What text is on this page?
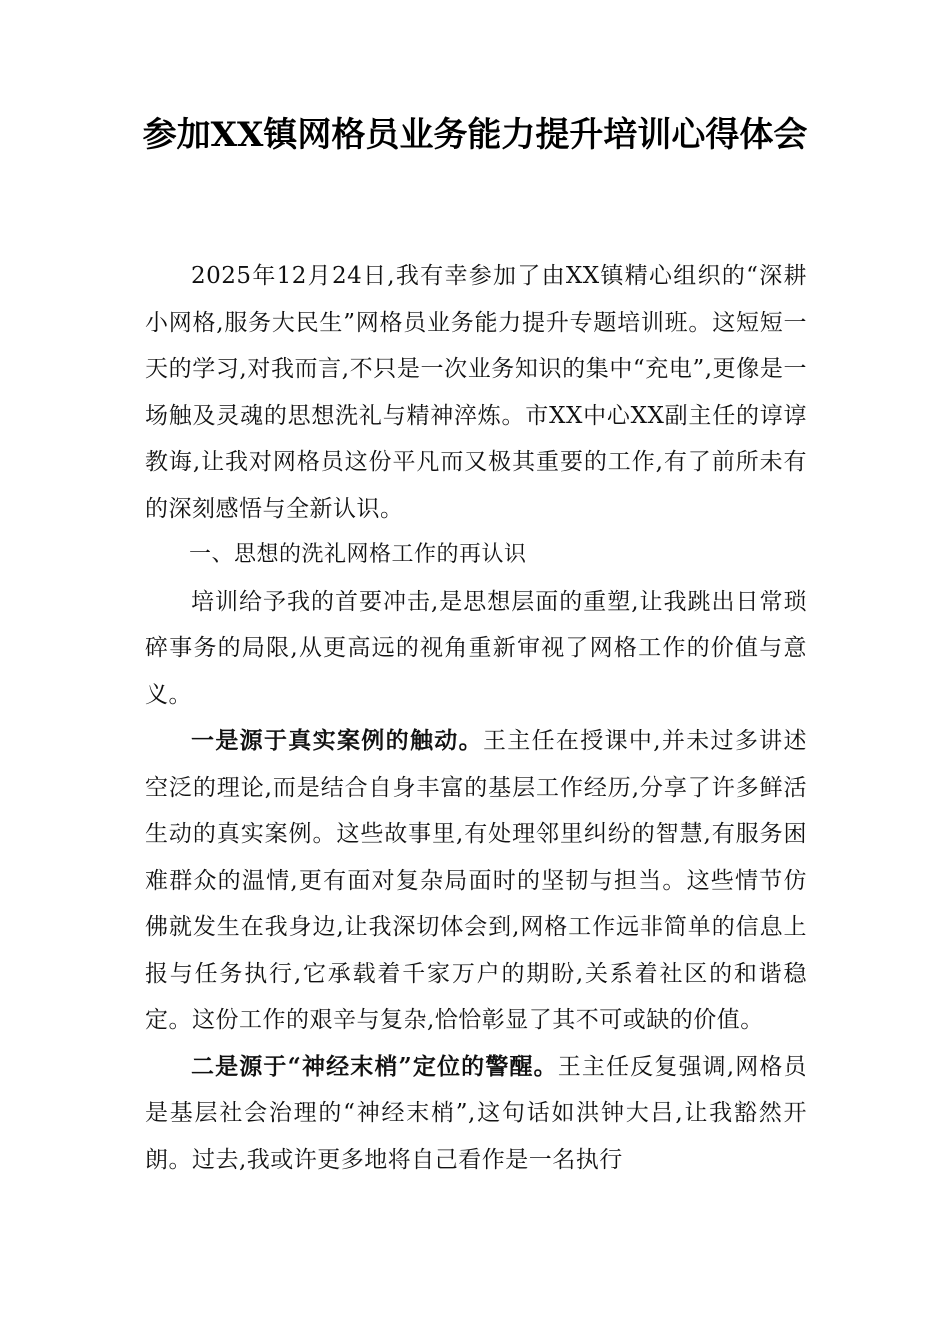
参加XX镇网格员业务能力提升培训心得体会

2025年12月24日,我有幸参加了由XX镇精心组织的“深耕小网格,服务大民生”网格员业务能力提升专题培训班。这短短一天的学习,对我而言,不只是一次业务知识的集中“充电”,更像是一场触及灵魂的思想洗礼与精神淬炼。市XX中心XX副主任的谆谆教诲,让我对网格员这份平凡而又极其重要的工作,有了前所未有的深刻感悟与全新认识。

一、思想的洗礼网格工作的再认识

培训给予我的首要冲击,是思想层面的重塑,让我跳出日常琐碎事务的局限,从更高远的视角重新审视了网格工作的价值与意义。

一是源于真实案例的触动。王主任在授课中,并未过多讲述空泛的理论,而是结合自身丰富的基层工作经历,分享了许多鲜活生动的真实案例。这些故事里,有处理邻里纠纷的智慧,有服务困难群众的温情,更有面对复杂局面时的坚韧与担当。这些情节仿佛就发生在我身边,让我深切体会到,网格工作远非简单的信息上报与任务执行,它承载着千家万户的期盼,关系着社区的和谐稳定。这份工作的艰辛与复杂,恰恰彰显了其不可或缺的价值。

二是源于“神经末梢”定位的警醒。王主任反复强调,网格员是基层社会治理的“神经末梢”,这句话如洪钟大吕,让我豁然开朗。过去,我或许更多地将自己看作是一名执行
